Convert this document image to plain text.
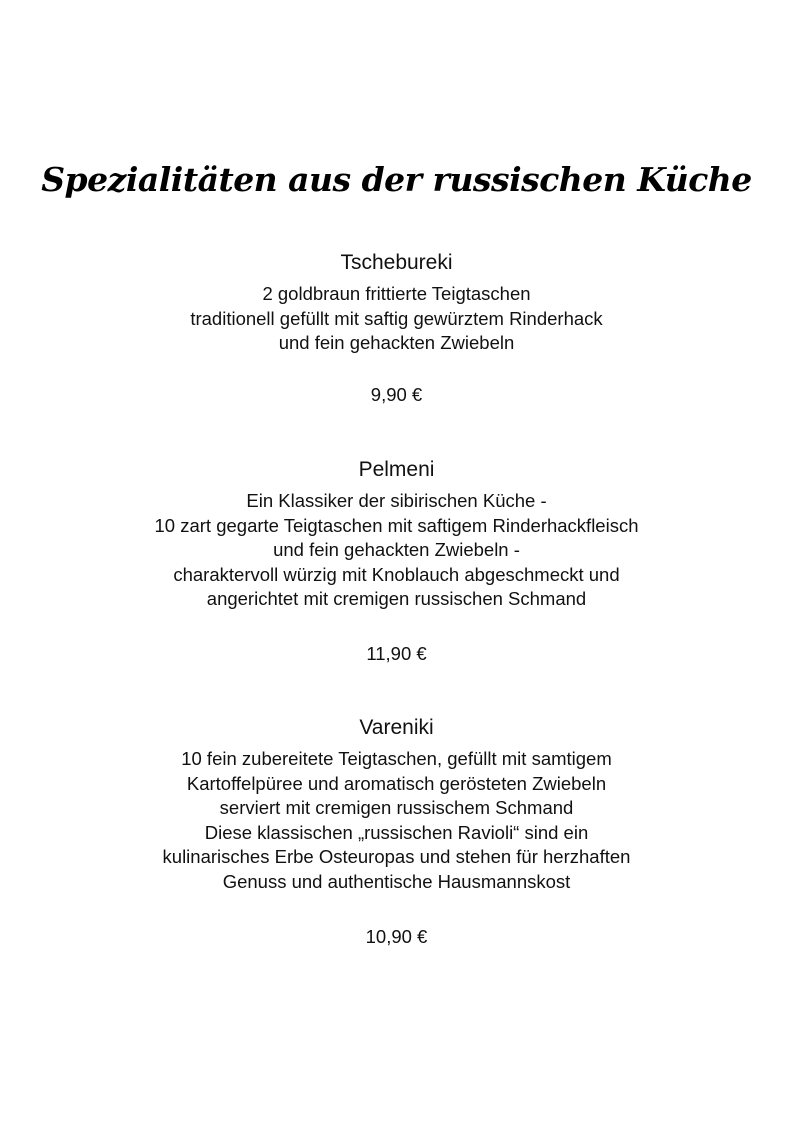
Spezialitäten aus der russischen Küche
Tschebureki

2 goldbraun frittierte Teigtaschen
traditionell gefüllt mit saftig gewürztem Rinderhack
und fein gehackten Zwiebeln

9,90 €
Pelmeni

Ein Klassiker der sibirischen Küche -
10 zart gegarte Teigtaschen mit saftigem Rinderhackfleisch
und fein gehackten Zwiebeln -
charaktervoll würzig mit Knoblauch abgeschmeckt und
angerichtet mit cremigen russischen Schmand

11,90 €
Vareniki

10 fein zubereitete Teigtaschen, gefüllt mit samtigem
Kartoffelpüree und aromatisch gerösteten Zwiebeln
serviert mit cremigen russischem Schmand
Diese klassischen „russischen Ravioli“ sind ein
kulinarisches Erbe Osteuropas und stehen für herzhaften
Genuss und authentische Hausmannskost

10,90 €
